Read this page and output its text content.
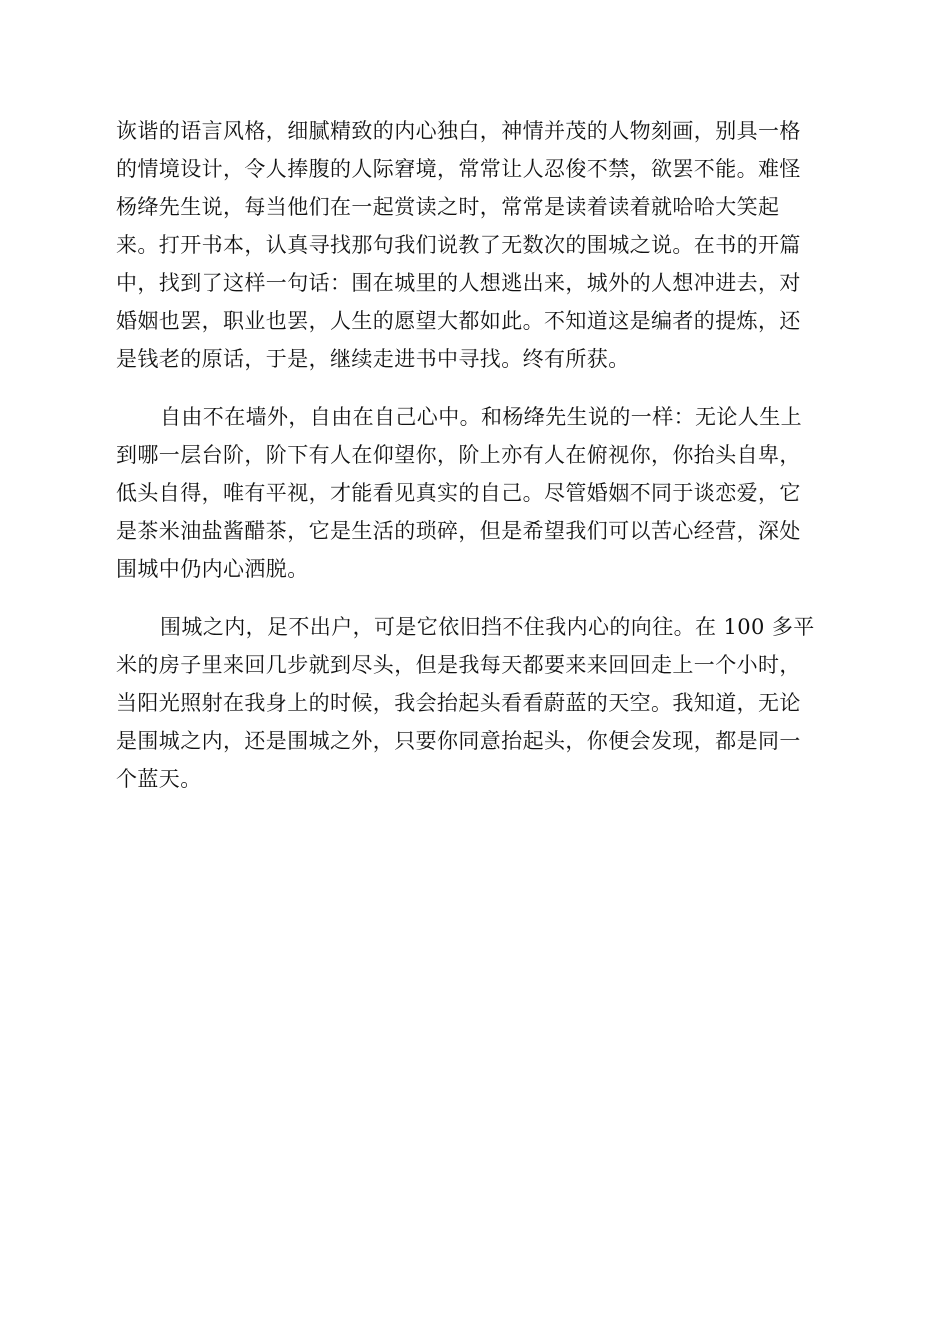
诙谐的语言风格，细腻精致的内心独白，神情并茂的人物刻画，别具一格
的情境设计，令人捧腹的人际窘境，常常让人忍俊不禁，欲罢不能。难怪
杨绛先生说，每当他们在一起赏读之时，常常是读着读着就哈哈大笑起
来。打开书本，认真寻找那句我们说教了无数次的围城之说。在书的开篇
中，找到了这样一句话：围在城里的人想逃出来，城外的人想冲进去，对
婚姻也罢，职业也罢，人生的愿望大都如此。不知道这是编者的提炼，还
是钱老的原话，于是，继续走进书中寻找。终有所获。
自由不在墙外，自由在自己心中。和杨绛先生说的一样：无论人生上
到哪一层台阶，阶下有人在仰望你，阶上亦有人在俯视你，你抬头自卑，
低头自得，唯有平视，才能看见真实的自己。尽管婚姻不同于谈恋爱，它
是茶米油盐酱醋茶，它是生活的琐碎，但是希望我们可以苦心经营，深处
围城中仍内心洒脱。
围城之内，足不出户，可是它依旧挡不住我内心的向往。在 100 多平
米的房子里来回几步就到尽头，但是我每天都要来来回回走上一个小时，
当阳光照射在我身上的时候，我会抬起头看看蔚蓝的天空。我知道，无论
是围城之内，还是围城之外，只要你同意抬起头，你便会发现，都是同一
个蓝天。
